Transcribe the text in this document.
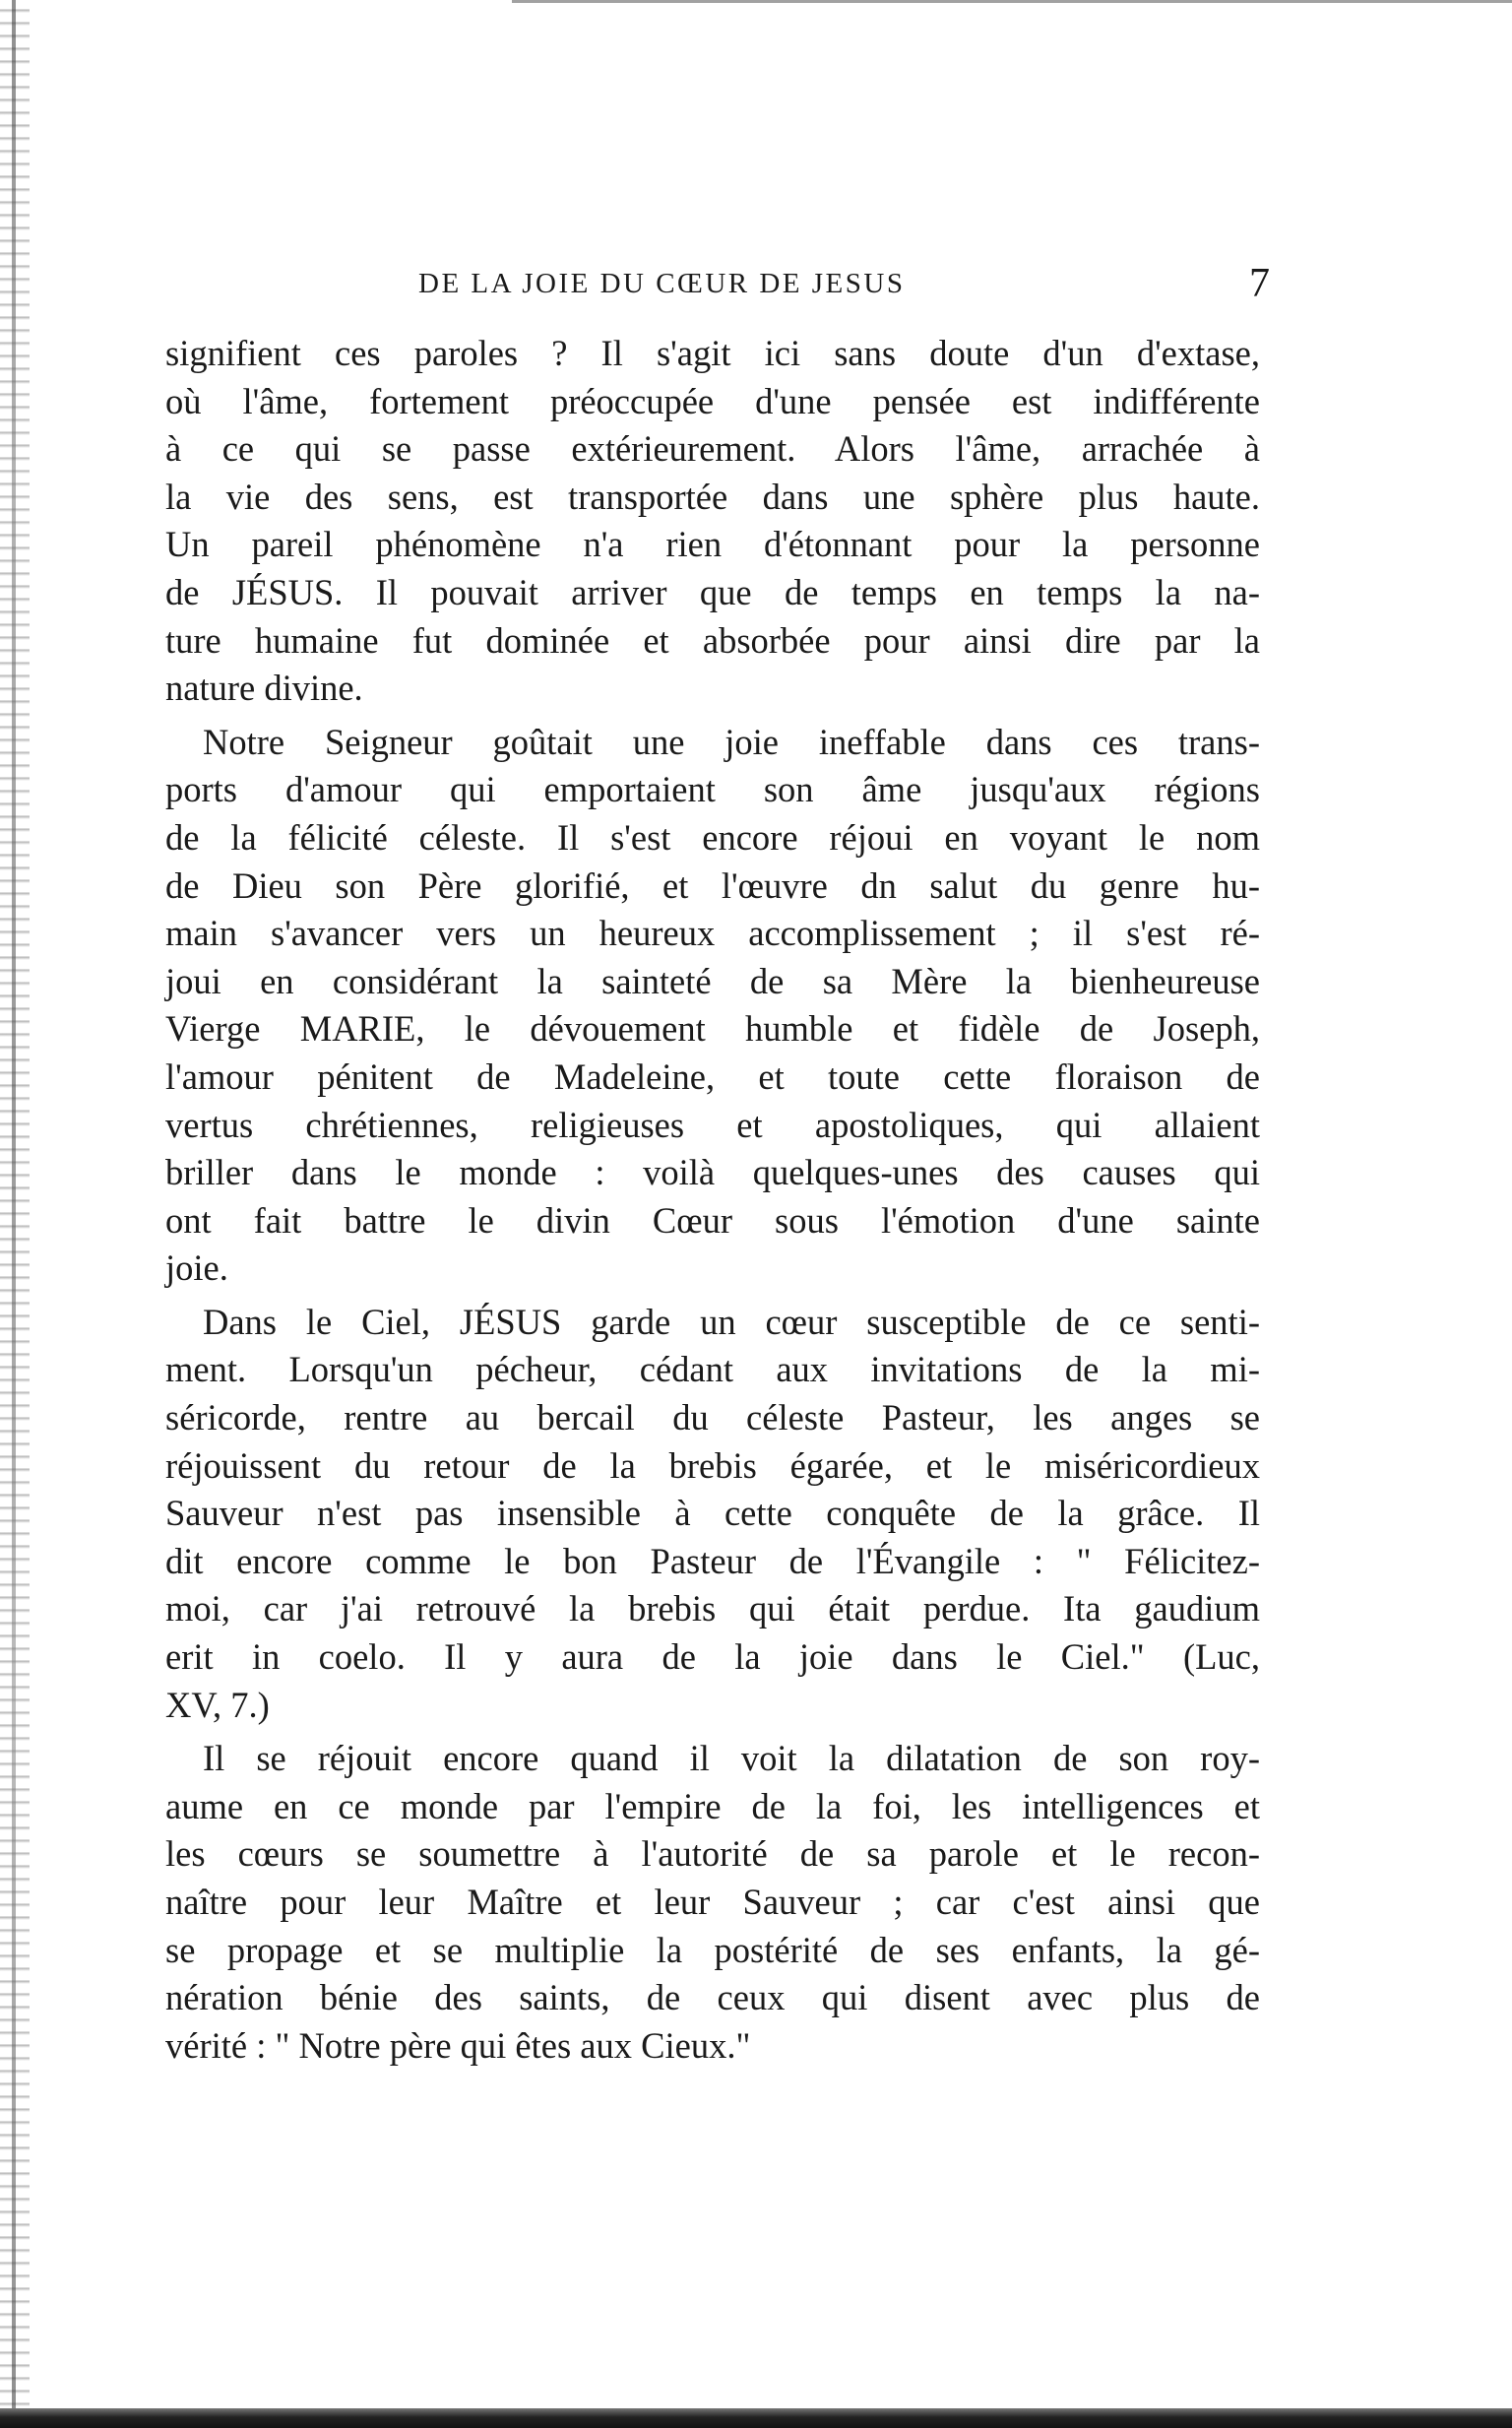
DE LA JOIE DU CŒUR DE JESUS	7
signifient ces paroles ? Il s'agit ici sans doute d'un d'extase,
où l'âme, fortement préoccupée d'une pensée est indifférente
à ce qui se passe extérieurement. Alors l'âme, arrachée à
la vie des sens, est transportée dans une sphère plus haute.
Un pareil phénomène n'a rien d'étonnant pour la personne
de JÉSUS. Il pouvait arriver que de temps en temps la na-
ture humaine fut dominée et absorbée pour ainsi dire par la
nature divine.
Notre Seigneur goûtait une joie ineffable dans ces trans-
ports d'amour qui emportaient son âme jusqu'aux régions
de la félicité céleste. Il s'est encore réjoui en voyant le nom
de Dieu son Père glorifié, et l'œuvre dn salut du genre hu-
main s'avancer vers un heureux accomplissement ; il s'est ré-
joui en considérant la sainteté de sa Mère la bienheureuse
Vierge MARIE, le dévouement humble et fidèle de Joseph,
l'amour pénitent de Madeleine, et toute cette floraison de
vertus chrétiennes, religieuses et apostoliques, qui allaient
briller dans le monde : voilà quelques-unes des causes qui
ont fait battre le divin Cœur sous l'émotion d'une sainte
joie.
Dans le Ciel, JÉSUS garde un cœur susceptible de ce senti-
ment. Lorsqu'un pécheur, cédant aux invitations de la mi-
séricorde, rentre au bercail du céleste Pasteur, les anges se
réjouissent du retour de la brebis égarée, et le miséricordieux
Sauveur n'est pas insensible à cette conquête de la grâce. Il
dit encore comme le bon Pasteur de l'Évangile : " Félicitez-
moi, car j'ai retrouvé la brebis qui était perdue. Ita gaudium
erit in coelo. Il y aura de la joie dans le Ciel." (Luc,
XV, 7.)
Il se réjouit encore quand il voit la dilatation de son roy-
aume en ce monde par l'empire de la foi, les intelligences et
les cœurs se soumettre à l'autorité de sa parole et le recon-
naître pour leur Maître et leur Sauveur ; car c'est ainsi que
se propage et se multiplie la postérité de ses enfants, la gé-
nération bénie des saints, de ceux qui disent avec plus de
vérité : " Notre père qui êtes aux Cieux."
